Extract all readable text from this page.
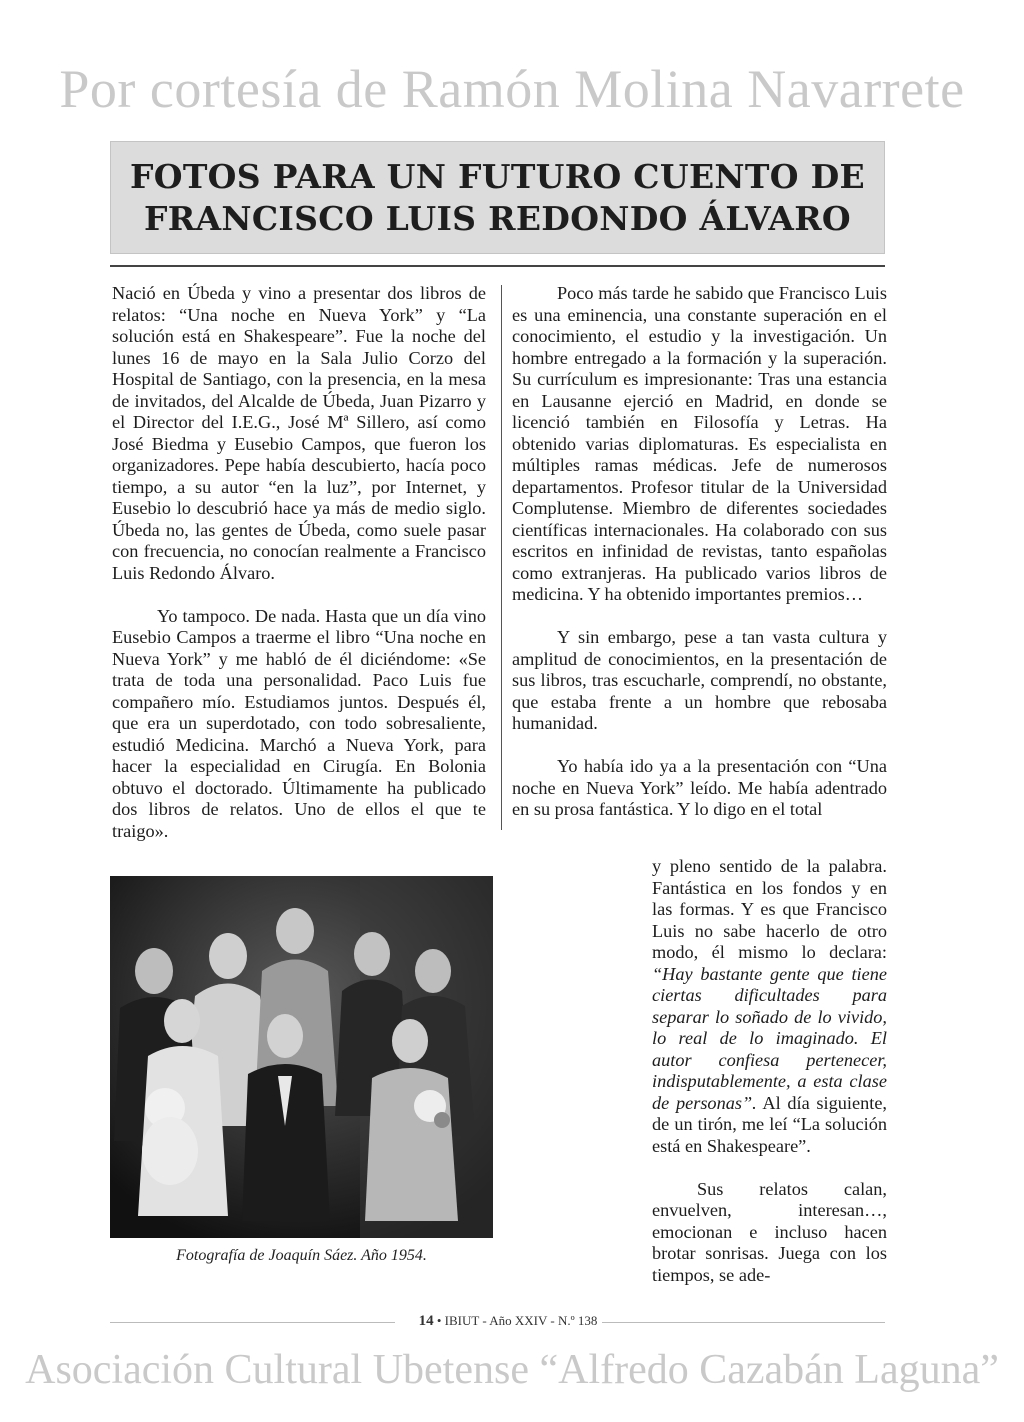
Por cortesía de Ramón Molina Navarrete
FOTOS PARA UN FUTURO CUENTO DE
FRANCISCO LUIS REDONDO ÁLVARO

Nació en Úbeda y vino a presentar dos libros de relatos: “Una noche en Nueva York” y “La solución está en Shakespeare”. Fue la noche del lunes 16 de mayo en la Sala Julio Corzo del Hospital de Santiago, con la presencia, en la mesa de invitados, del Alcalde de Úbeda, Juan Pizarro y el Director del I.E.G., José Mª Sillero, así como José Biedma y Eusebio Campos, que fueron los organizadores. Pepe había descubierto, hacía poco tiempo, a su autor “en la luz”, por Internet, y Eusebio lo descubrió hace ya más de medio siglo. Úbeda no, las gentes de Úbeda, como suele pasar con frecuencia, no conocían realmente a Francisco Luis Redondo Álvaro.

Yo tampoco. De nada. Hasta que un día vino Eusebio Campos a traerme el libro “Una noche en Nueva York” y me habló de él diciéndome: «Se trata de toda una personalidad. Paco Luis fue compañero mío. Estudiamos juntos. Después él, que era un superdotado, con todo sobresaliente, estudió Medicina. Marchó a Nueva York, para hacer la especialidad en Cirugía. En Bolonia obtuvo el doctorado. Últimamente ha publicado dos libros de relatos. Uno de ellos el que te traigo».

Poco más tarde he sabido que Francisco Luis es una eminencia, una constante superación en el conocimiento, el estudio y la investigación. Un hombre entregado a la formación y la superación. Su currículum es impresionante: Tras una estancia en Lausanne ejerció en Madrid, en donde se licenció también en Filosofía y Letras. Ha obtenido varias diplomaturas. Es especialista en múltiples ramas médicas. Jefe de numerosos departamentos. Profesor titular de la Universidad Complutense. Miembro de diferentes sociedades científicas internacionales. Ha colaborado con sus escritos en infinidad de revistas, tanto españolas como extranjeras. Ha publicado varios libros de medicina. Y ha obtenido importantes premios…

Y sin embargo, pese a tan vasta cultura y amplitud de conocimientos, en la presentación de sus libros, tras escucharle, comprendí, no obstante, que estaba frente a un hombre que rebosaba humanidad.

Yo había ido ya a la presentación con “Una noche en Nueva York” leído. Me había adentrado en su prosa fantástica. Y lo digo en el total

y pleno sentido de la palabra. Fantástica en los fondos y en las formas. Y es que Francisco Luis no sabe hacerlo de otro modo, él mismo lo declara: “Hay bastante gente que tiene ciertas dificultades para separar lo soñado de lo vivido, lo real de lo imaginado. El autor confiesa pertenecer, indisputablemente, a esta clase de personas”. Al día siguiente, de un tirón, me leí “La solución está en Shakespeare”.

Sus relatos calan, envuelven, interesan…, emocionan e incluso hacen brotar sonrisas. Juega con los tiempos, se ade-

Fotografía de Joaquín Sáez. Año 1954.
14 • IBIUT - Año XXIV - N.º 138
Asociación Cultural Ubetense “Alfredo Cazabán Laguna”
